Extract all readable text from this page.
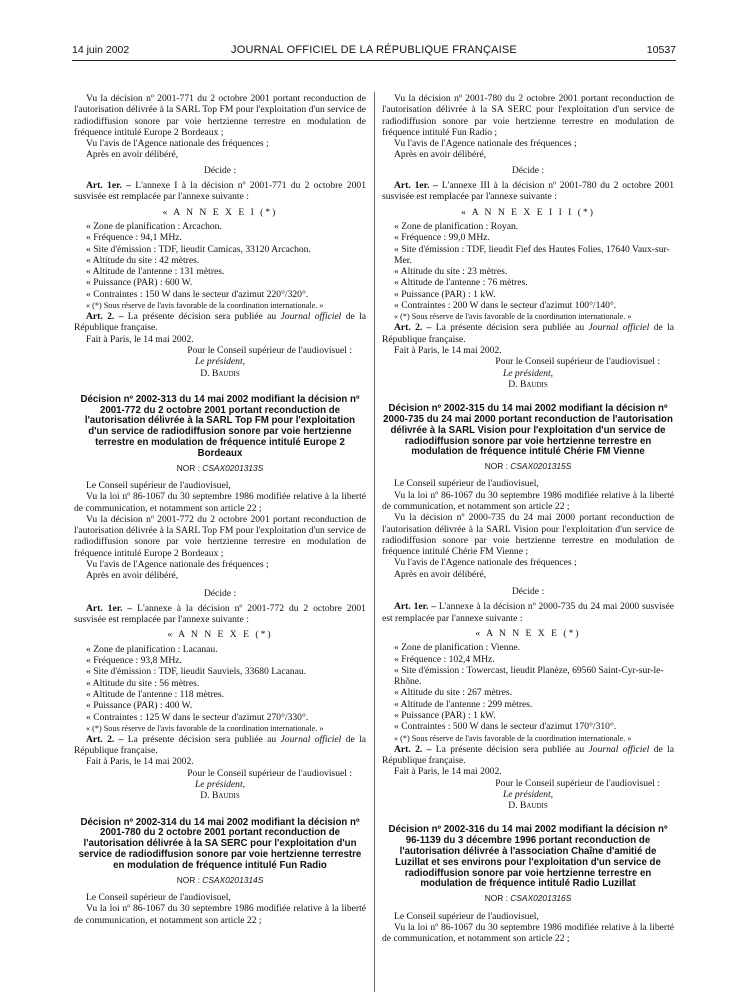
14 juin 2002	JOURNAL OFFICIEL DE LA RÉPUBLIQUE FRANÇAISE	10537

Vu la décision nº 2001-771 du 2 octobre 2001 portant reconduction de l'autorisation délivrée à la SARL Top FM pour l'exploitation d'un service de radiodiffusion sonore par voie hertzienne terrestre en modulation de fréquence intitulé Europe 2 Bordeaux ;

Vu l'avis de l'Agence nationale des fréquences ;

Après en avoir délibéré,

Décide :

Art. 1er. – L'annexe I à la décision nº 2001-771 du 2 octobre 2001 susvisée est remplacée par l'annexe suivante :

« A N N E X E I (*)

« Zone de planification : Arcachon.

« Fréquence : 94,1 MHz.

« Site d'émission : TDF, lieudit Camicas, 33120 Arcachon.

« Altitude du site : 42 mètres.

« Altitude de l'antenne : 131 mètres.

« Puissance (PAR) : 600 W.

« Contraintes : 150 W dans le secteur d'azimut 220°/320°.

« (*) Sous réserve de l'avis favorable de la coordination internationale. »

Art. 2. – La présente décision sera publiée au Journal officiel de la République française.

Fait à Paris, le 14 mai 2002.

Pour le Conseil supérieur de l'audiovisuel :

Le président,

D. Baudis

Décision nº 2002-313 du 14 mai 2002 modifiant la décision nº 2001-772 du 2 octobre 2001 portant reconduction de l'autorisation délivrée à la SARL Top FM pour l'exploitation d'un service de radiodiffusion sonore par voie hertzienne terrestre en modulation de fréquence intitulé Europe 2 Bordeaux

NOR : CSAX0201313S

Le Conseil supérieur de l'audiovisuel,

Vu la loi nº 86-1067 du 30 septembre 1986 modifiée relative à la liberté de communication, et notamment son article 22 ;

Vu la décision nº 2001-772 du 2 octobre 2001 portant reconduction de l'autorisation délivrée à la SARL Top FM pour l'exploitation d'un service de radiodiffusion sonore par voie hertzienne terrestre en modulation de fréquence intitulé Europe 2 Bordeaux ;

Vu l'avis de l'Agence nationale des fréquences ;

Après en avoir délibéré,

Décide :

Art. 1er. – L'annexe à la décision nº 2001-772 du 2 octobre 2001 susvisée est remplacée par l'annexe suivante :

« A N N E X E (*)

« Zone de planification : Lacanau.

« Fréquence : 93,8 MHz.

« Site d'émission : TDF, lieudit Sauviels, 33680 Lacanau.

« Altitude du site : 56 mètres.

« Altitude de l'antenne : 118 mètres.

« Puissance (PAR) : 400 W.

« Contraintes : 125 W dans le secteur d'azimut 270°/330°.

« (*) Sous réserve de l'avis favorable de la coordination internationale. »

Art. 2. – La présente décision sera publiée au Journal officiel de la République française.

Fait à Paris, le 14 mai 2002.

Pour le Conseil supérieur de l'audiovisuel :

Le président,

D. Baudis

Décision nº 2002-314 du 14 mai 2002 modifiant la décision nº 2001-780 du 2 octobre 2001 portant reconduction de l'autorisation délivrée à la SA SERC pour l'exploitation d'un service de radiodiffusion sonore par voie hertzienne terrestre en modulation de fréquence intitulé Fun Radio

NOR : CSAX0201314S

Le Conseil supérieur de l'audiovisuel,

Vu la loi nº 86-1067 du 30 septembre 1986 modifiée relative à la liberté de communication, et notamment son article 22 ;

Vu la décision nº 2001-780 du 2 octobre 2001 portant reconduction de l'autorisation délivrée à la SA SERC pour l'exploitation d'un service de radiodiffusion sonore par voie hertzienne terrestre en modulation de fréquence intitulé Fun Radio ;

Vu l'avis de l'Agence nationale des fréquences ;

Après en avoir délibéré,

Décide :

Art. 1er. – L'annexe III à la décision nº 2001-780 du 2 octobre 2001 susvisée est remplacée par l'annexe suivante :

« A N N E X E I I I (*)

« Zone de planification : Royan.

« Fréquence : 99,0 MHz.

« Site d'émission : TDF, lieudit Fief des Hautes Folies, 17640 Vaux-sur-Mer.

« Altitude du site : 23 mètres.

« Altitude de l'antenne : 76 mètres.

« Puissance (PAR) : 1 kW.

« Contraintes : 200 W dans le secteur d'azimut 100°/140°.

« (*) Sous réserve de l'avis favorable de la coordination internationale. »

Art. 2. – La présente décision sera publiée au Journal officiel de la République française.

Fait à Paris, le 14 mai 2002.

Pour le Conseil supérieur de l'audiovisuel :

Le président,

D. Baudis

Décision nº 2002-315 du 14 mai 2002 modifiant la décision nº 2000-735 du 24 mai 2000 portant reconduction de l'autorisation délivrée à la SARL Vision pour l'exploitation d'un service de radiodiffusion sonore par voie hertzienne terrestre en modulation de fréquence intitulé Chérie FM Vienne

NOR : CSAX0201315S

Le Conseil supérieur de l'audiovisuel,

Vu la loi nº 86-1067 du 30 septembre 1986 modifiée relative à la liberté de communication, et notamment son article 22 ;

Vu la décision nº 2000-735 du 24 mai 2000 portant reconduction de l'autorisation délivrée à la SARL Vision pour l'exploitation d'un service de radiodiffusion sonore par voie hertzienne terrestre en modulation de fréquence intitulé Chérie FM Vienne ;

Vu l'avis de l'Agence nationale des fréquences ;

Après en avoir délibéré,

Décide :

Art. 1er. – L'annexe à la décision nº 2000-735 du 24 mai 2000 susvisée est remplacée par l'annexe suivante :

« A N N E X E (*)

« Zone de planification : Vienne.

« Fréquence : 102,4 MHz.

« Site d'émission : Towercast, lieudit Planèze, 69560 Saint-Cyr-sur-le-Rhône.

« Altitude du site : 267 mètres.

« Altitude de l'antenne : 299 mètres.

« Puissance (PAR) : 1 kW.

« Contraintes : 500 W dans le secteur d'azimut 170°/310°.

« (*) Sous réserve de l'avis favorable de la coordination internationale. »

Art. 2. – La présente décision sera publiée au Journal officiel de la République française.

Fait à Paris, le 14 mai 2002.

Pour le Conseil supérieur de l'audiovisuel :

Le président,

D. Baudis

Décision nº 2002-316 du 14 mai 2002 modifiant la décision nº 96-1139 du 3 décembre 1996 portant reconduction de l'autorisation délivrée à l'association Chaîne d'amitié de Luzillat et ses environs pour l'exploitation d'un service de radiodiffusion sonore par voie hertzienne terrestre en modulation de fréquence intitulé Radio Luzillat

NOR : CSAX0201316S

Le Conseil supérieur de l'audiovisuel,

Vu la loi nº 86-1067 du 30 septembre 1986 modifiée relative à la liberté de communication, et notamment son article 22 ;
